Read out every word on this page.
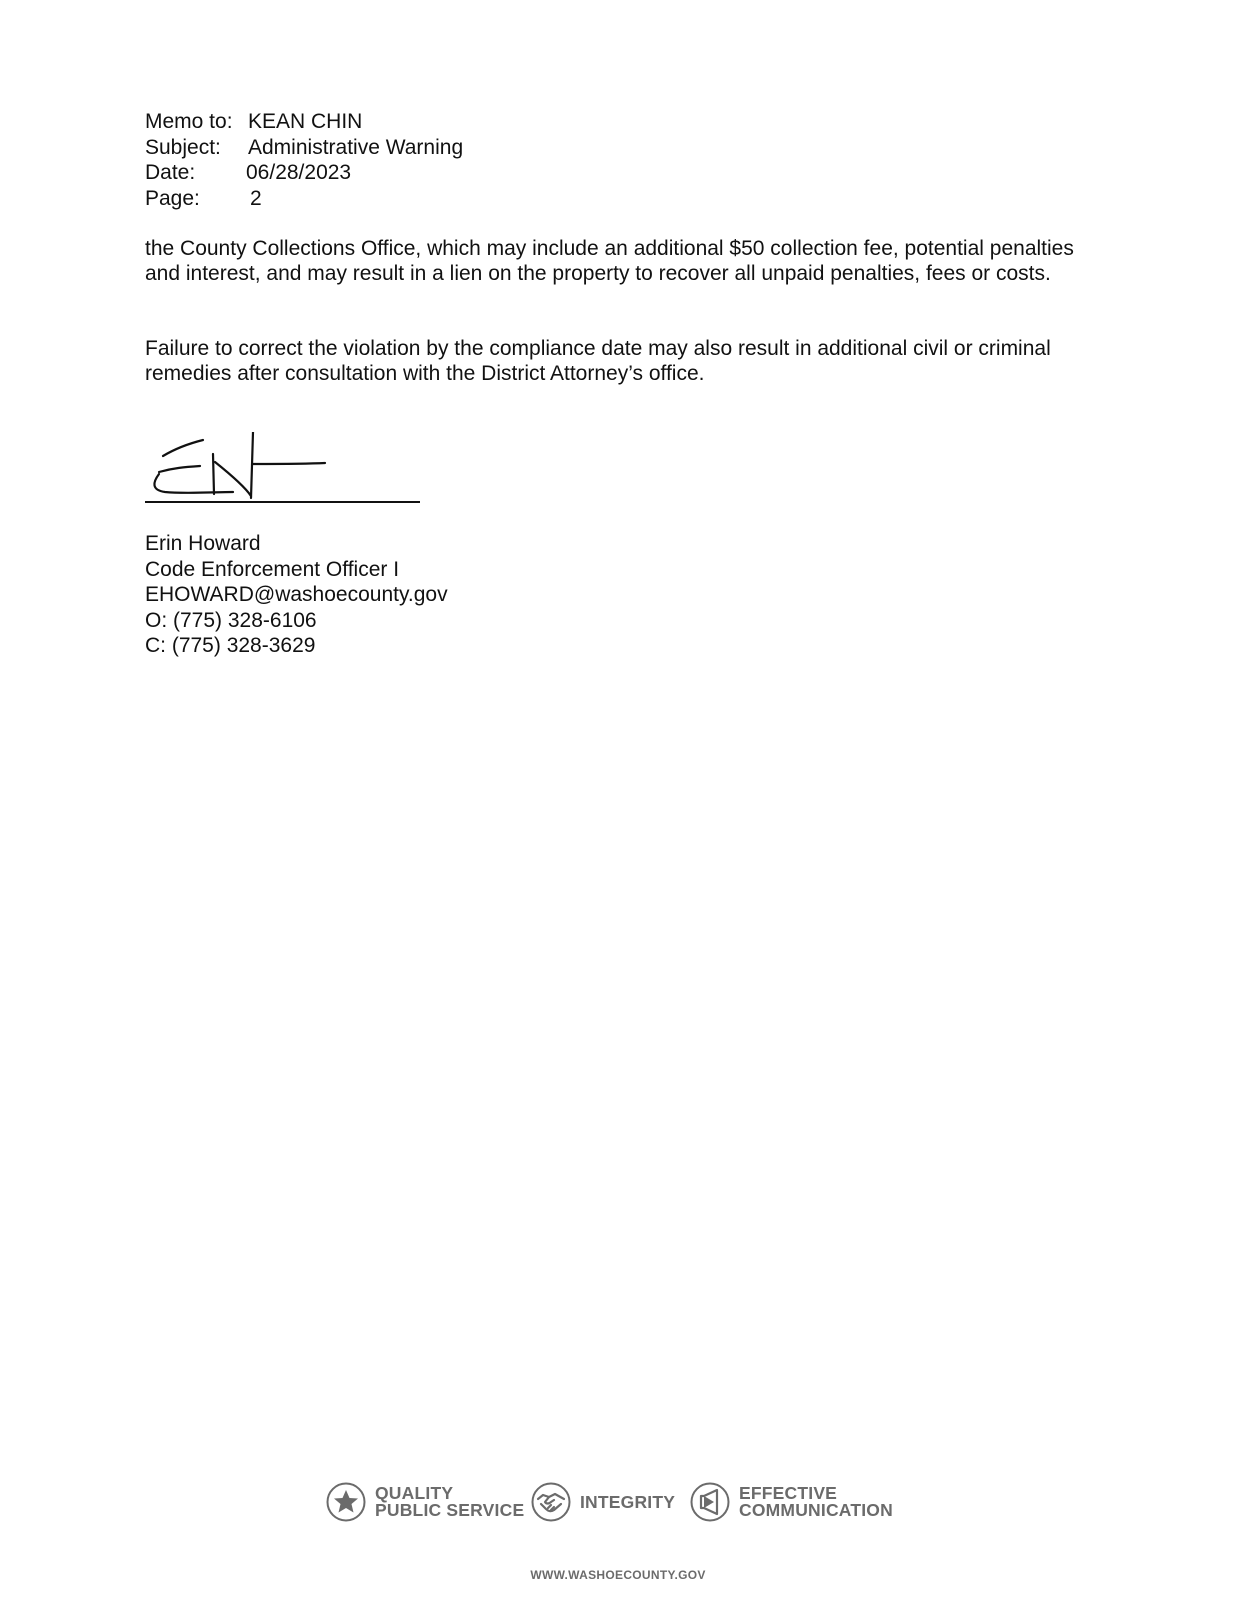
Memo to: KEAN CHIN
Subject: Administrative Warning
Date: 06/28/2023
Page: 2
the County Collections Office, which may include an additional $50 collection fee, potential penalties and interest, and may result in a lien on the property to recover all unpaid penalties, fees or costs.
Failure to correct the violation by the compliance date may also result in additional civil or criminal remedies after consultation with the District Attorney’s office.
Erin Howard
Code Enforcement Officer I
EHOWARD@washoecounty.gov
O: (775) 328-6106
C: (775) 328-3629
QUALITY
PUBLIC SERVICE	INTEGRITY	EFFECTIVE
COMMUNICATION
WWW.WASHOECOUNTY.GOV
